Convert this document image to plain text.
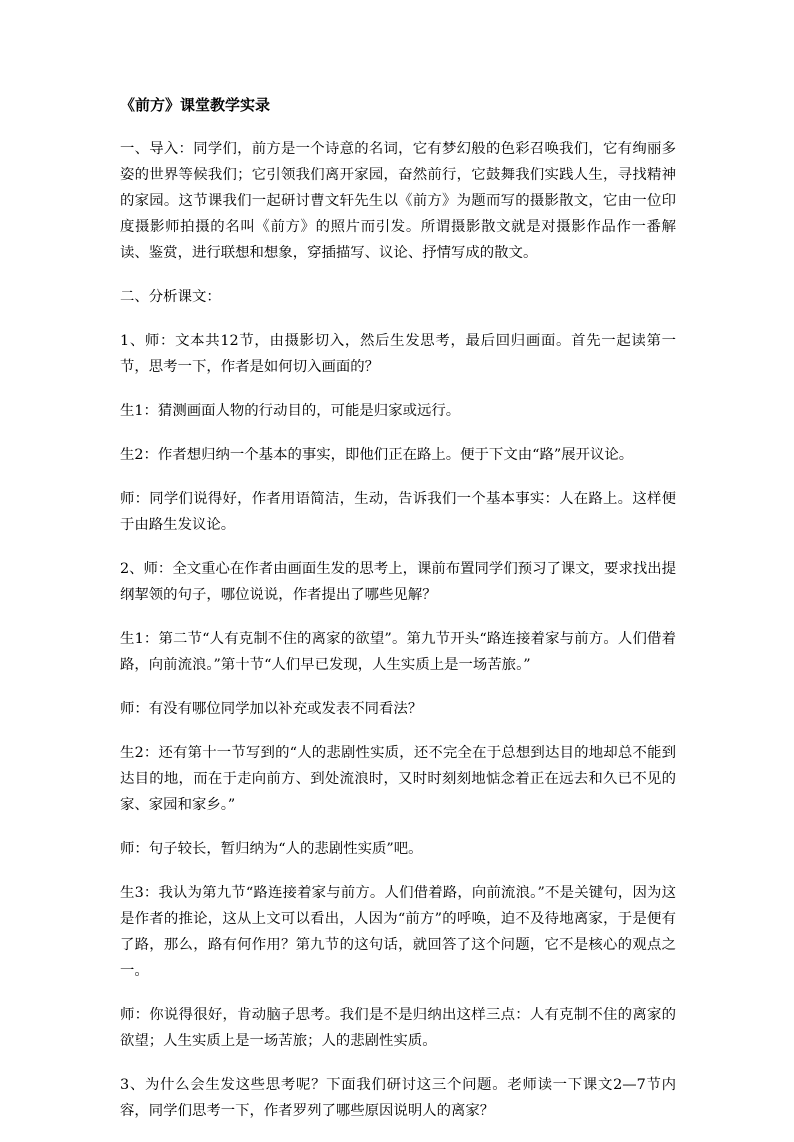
《前方》课堂教学实录

一、导入：同学们，前方是一个诗意的名词，它有梦幻般的色彩召唤我们，它有绚丽多姿的世界等候我们；它引领我们离开家园，奋然前行，它鼓舞我们实践人生，寻找精神的家园。这节课我们一起研讨曹文轩先生以《前方》为题而写的摄影散文，它由一位印度摄影师拍摄的名叫《前方》的照片而引发。所谓摄影散文就是对摄影作品作一番解读、鉴赏，进行联想和想象，穿插描写、议论、抒情写成的散文。

二、分析课文：

1、师：文本共12节，由摄影切入，然后生发思考，最后回归画面。首先一起读第一节，思考一下，作者是如何切入画面的？

生1：猜测画面人物的行动目的，可能是归家或远行。

生2：作者想归纳一个基本的事实，即他们正在路上。便于下文由“路”展开议论。

师：同学们说得好，作者用语简洁，生动，告诉我们一个基本事实：人在路上。这样便于由路生发议论。

2、师：全文重心在作者由画面生发的思考上，课前布置同学们预习了课文，要求找出提纲挈领的句子，哪位说说，作者提出了哪些见解？

生1：第二节“人有克制不住的离家的欲望”。第九节开头“路连接着家与前方。人们借着路，向前流浪。”第十节“人们早已发现，人生实质上是一场苦旅。”

师：有没有哪位同学加以补充或发表不同看法？

生2：还有第十一节写到的“人的悲剧性实质，还不完全在于总想到达目的地却总不能到达目的地，而在于走向前方、到处流浪时，又时时刻刻地惦念着正在远去和久已不见的家、家园和家乡。”

师：句子较长，暂归纳为“人的悲剧性实质”吧。

生3：我认为第九节“路连接着家与前方。人们借着路，向前流浪。”不是关键句，因为这是作者的推论，这从上文可以看出，人因为“前方”的呼唤，迫不及待地离家，于是便有了路，那么，路有何作用？第九节的这句话，就回答了这个问题，它不是核心的观点之一。

师：你说得很好，肯动脑子思考。我们是不是归纳出这样三点：人有克制不住的离家的欲望；人生实质上是一场苦旅；人的悲剧性实质。

3、为什么会生发这些思考呢？下面我们研讨这三个问题。老师读一下课文2—7节内容，同学们思考一下，作者罗列了哪些原因说明人的离家？
